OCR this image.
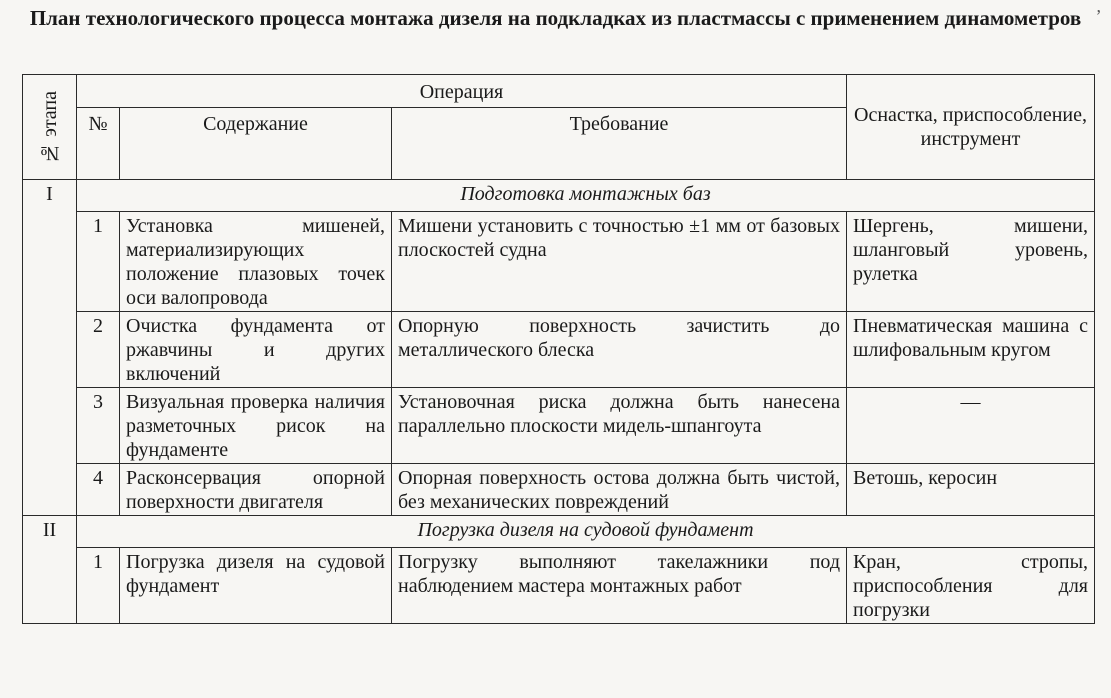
План технологического процесса монтажа дизеля на подкладках из пластмассы с применением динамометров ,
№ этапа	Операция			Оснастка, приспособление, инструмент
	№	Содержание	Требование	
I	Подготовка монтажных баз			
	1	Установка мишеней, материализирующих положение плазовых точек оси валопровода	Мишени установить с точностью ±1 мм от базовых плоскостей судна	Шергень, мишени, шланговый уровень, рулетка
	2	Очистка фундамента от ржавчины и других включений	Опорную поверхность зачистить до металлического блеска	Пневматическая машина с шлифовальным кругом
	3	Визуальная проверка наличия разметочных рисок на фундаменте	Установочная риска должна быть нанесена параллельно плоскости мидель-шпангоута	—
	4	Расконсервация опорной поверхности двигателя	Опорная поверхность остова должна быть чистой, без механических повреждений	Ветошь, керосин
II	Погрузка дизеля на судовой фундамент			
	1	Погрузка дизеля на судовой фундамент	Погрузку выполняют такелажники под наблюдением мастера монтажных работ	Кран, стропы, приспособления для погрузки
